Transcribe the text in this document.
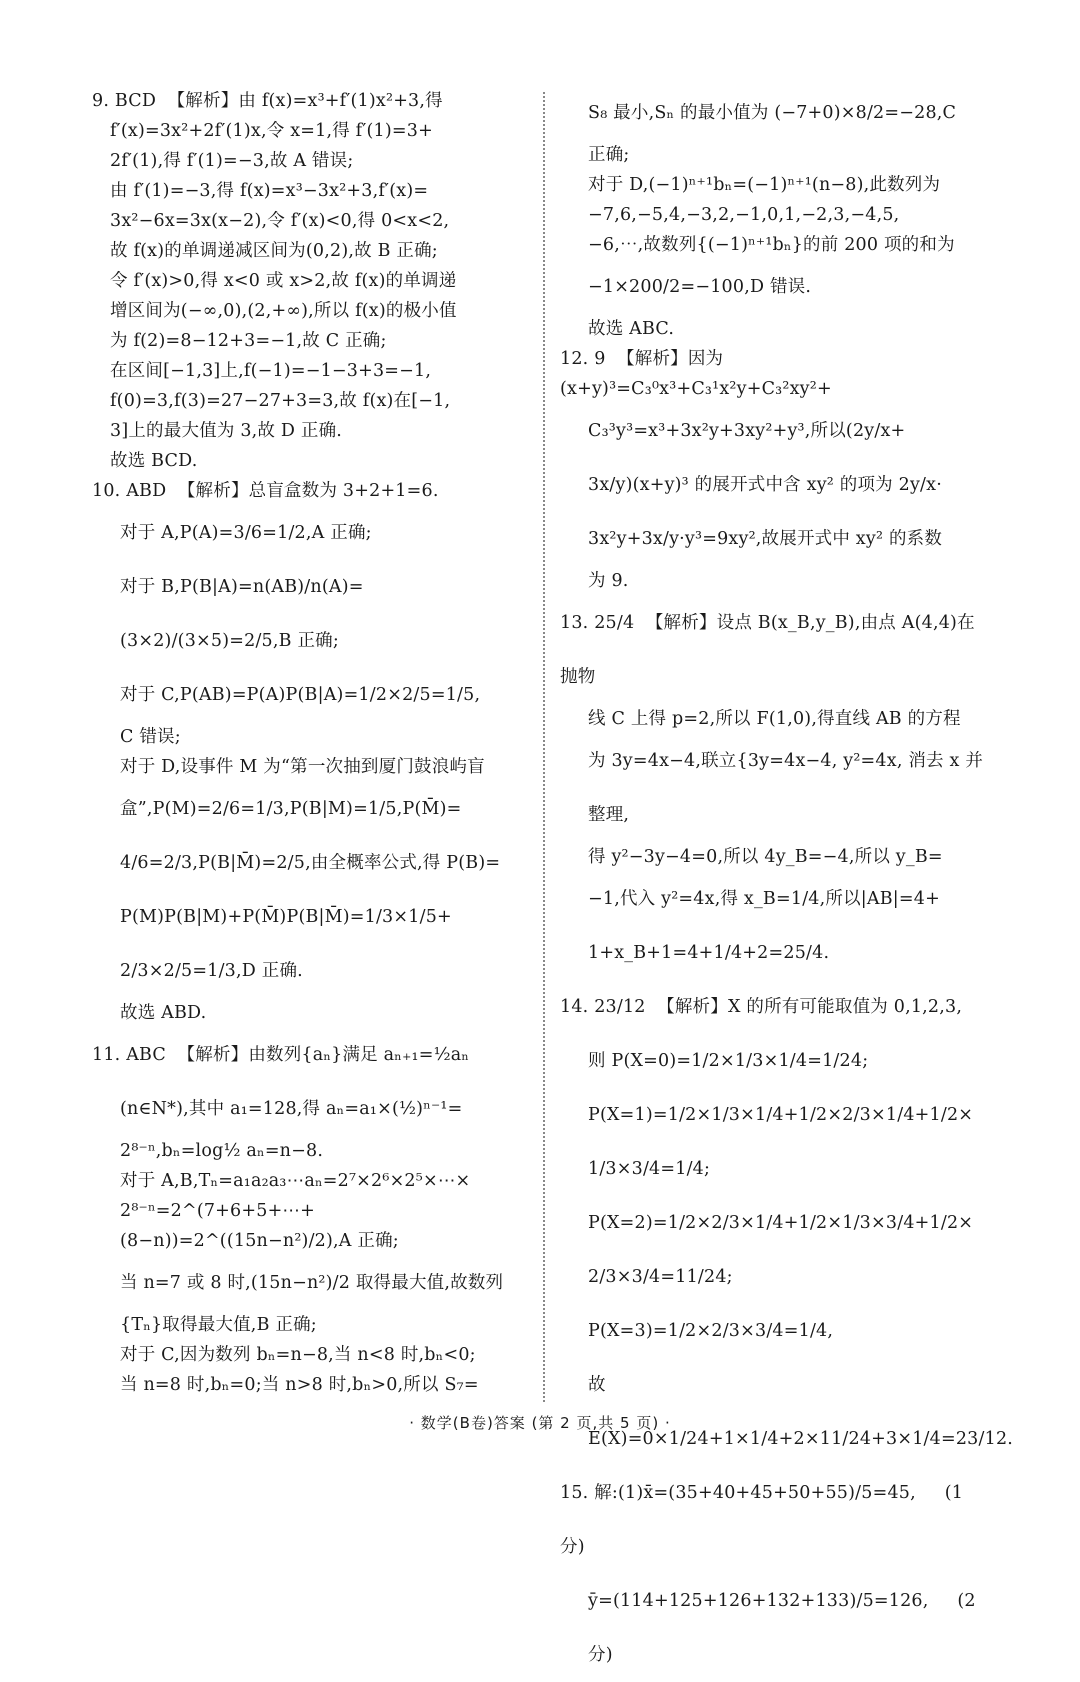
9. BCD  【解析】由 f(x)=x³+f′(1)x²+3,得
f′(x)=3x²+2f′(1)x,令 x=1,得 f′(1)=3+
2f′(1),得 f′(1)=−3,故 A 错误;
由 f′(1)=−3,得 f(x)=x³−3x²+3,f′(x)=
3x²−6x=3x(x−2),令 f′(x)<0,得 0<x<2,
故 f(x)的单调递减区间为(0,2),故 B 正确;
令 f′(x)>0,得 x<0 或 x>2,故 f(x)的单调递
增区间为(−∞,0),(2,+∞),所以 f(x)的极小值
为 f(2)=8−12+3=−1,故 C 正确;
在区间[−1,3]上,f(−1)=−1−3+3=−1,
f(0)=3,f(3)=27−27+3=3,故 f(x)在[−1,
3]上的最大值为 3,故 D 正确.
故选 BCD.
10. ABD  【解析】总盲盒数为 3+2+1=6.
对于 A,P(A)=3/6=1/2,A 正确;
对于 B,P(B|A)=n(AB)/n(A)=(3×2)/(3×5)=2/5,B 正确;
对于 C,P(AB)=P(A)P(B|A)=1/2×2/5=1/5,
C 错误;
对于 D,设事件 M 为“第一次抽到厦门鼓浪屿盲
盒”,P(M)=2/6=1/3,P(B|M)=1/5,P(M̄)=
4/6=2/3,P(B|M̄)=2/5,由全概率公式,得 P(B)=
P(M)P(B|M)+P(M̄)P(B|M̄)=1/3×1/5+
2/3×2/5=1/3,D 正确.
故选 ABD.
11. ABC  【解析】由数列{aₙ}满足 aₙ₊₁=½aₙ
(n∈N*),其中 a₁=128,得 aₙ=a₁×(½)ⁿ⁻¹=
2⁸⁻ⁿ,bₙ=log½ aₙ=n−8.
对于 A,B,Tₙ=a₁a₂a₃⋯aₙ=2⁷×2⁶×2⁵×⋯×
2⁸⁻ⁿ=2^(7+6+5+⋯+(8−n))=2^((15n−n²)/2),A 正确;
当 n=7 或 8 时,(15n−n²)/2 取得最大值,故数列
{Tₙ}取得最大值,B 正确;
对于 C,因为数列 bₙ=n−8,当 n<8 时,bₙ<0;
当 n=8 时,bₙ=0;当 n>8 时,bₙ>0,所以 S₇=
S₈ 最小,Sₙ 的最小值为 (−7+0)×8/2=−28,C
正确;
对于 D,(−1)ⁿ⁺¹bₙ=(−1)ⁿ⁺¹(n−8),此数列为
−7,6,−5,4,−3,2,−1,0,1,−2,3,−4,5,
−6,⋯,故数列{(−1)ⁿ⁺¹bₙ}的前 200 项的和为
−1×200/2=−100,D 错误.
故选 ABC.
12. 9  【解析】因为(x+y)³=C₃⁰x³+C₃¹x²y+C₃²xy²+
C₃³y³=x³+3x²y+3xy²+y³,所以(2y/x+
3x/y)(x+y)³ 的展开式中含 xy² 的项为 2y/x·
3x²y+3x/y·y³=9xy²,故展开式中 xy² 的系数
为 9.
13. 25/4  【解析】设点 B(x_B,y_B),由点 A(4,4)在抛物
线 C 上得 p=2,所以 F(1,0),得直线 AB 的方程
为 3y=4x−4,联立{3y=4x−4, y²=4x, 消去 x 并整理,
得 y²−3y−4=0,所以 4y_B=−4,所以 y_B=
−1,代入 y²=4x,得 x_B=1/4,所以|AB|=4+
1+x_B+1=4+1/4+2=25/4.
14. 23/12  【解析】X 的所有可能取值为 0,1,2,3,
则 P(X=0)=1/2×1/3×1/4=1/24;
P(X=1)=1/2×1/3×1/4+1/2×2/3×1/4+1/2×
1/3×3/4=1/4;
P(X=2)=1/2×2/3×1/4+1/2×1/3×3/4+1/2×
2/3×3/4=11/24;
P(X=3)=1/2×2/3×3/4=1/4,
故 E(X)=0×1/24+1×1/4+2×11/24+3×1/4=23/12.
15. 解:(1)x̄=(35+40+45+50+55)/5=45,     (1 分)
ȳ=(114+125+126+132+133)/5=126,     (2 分)
· 数学(B卷)答案 (第 2 页,共 5 页) ·
